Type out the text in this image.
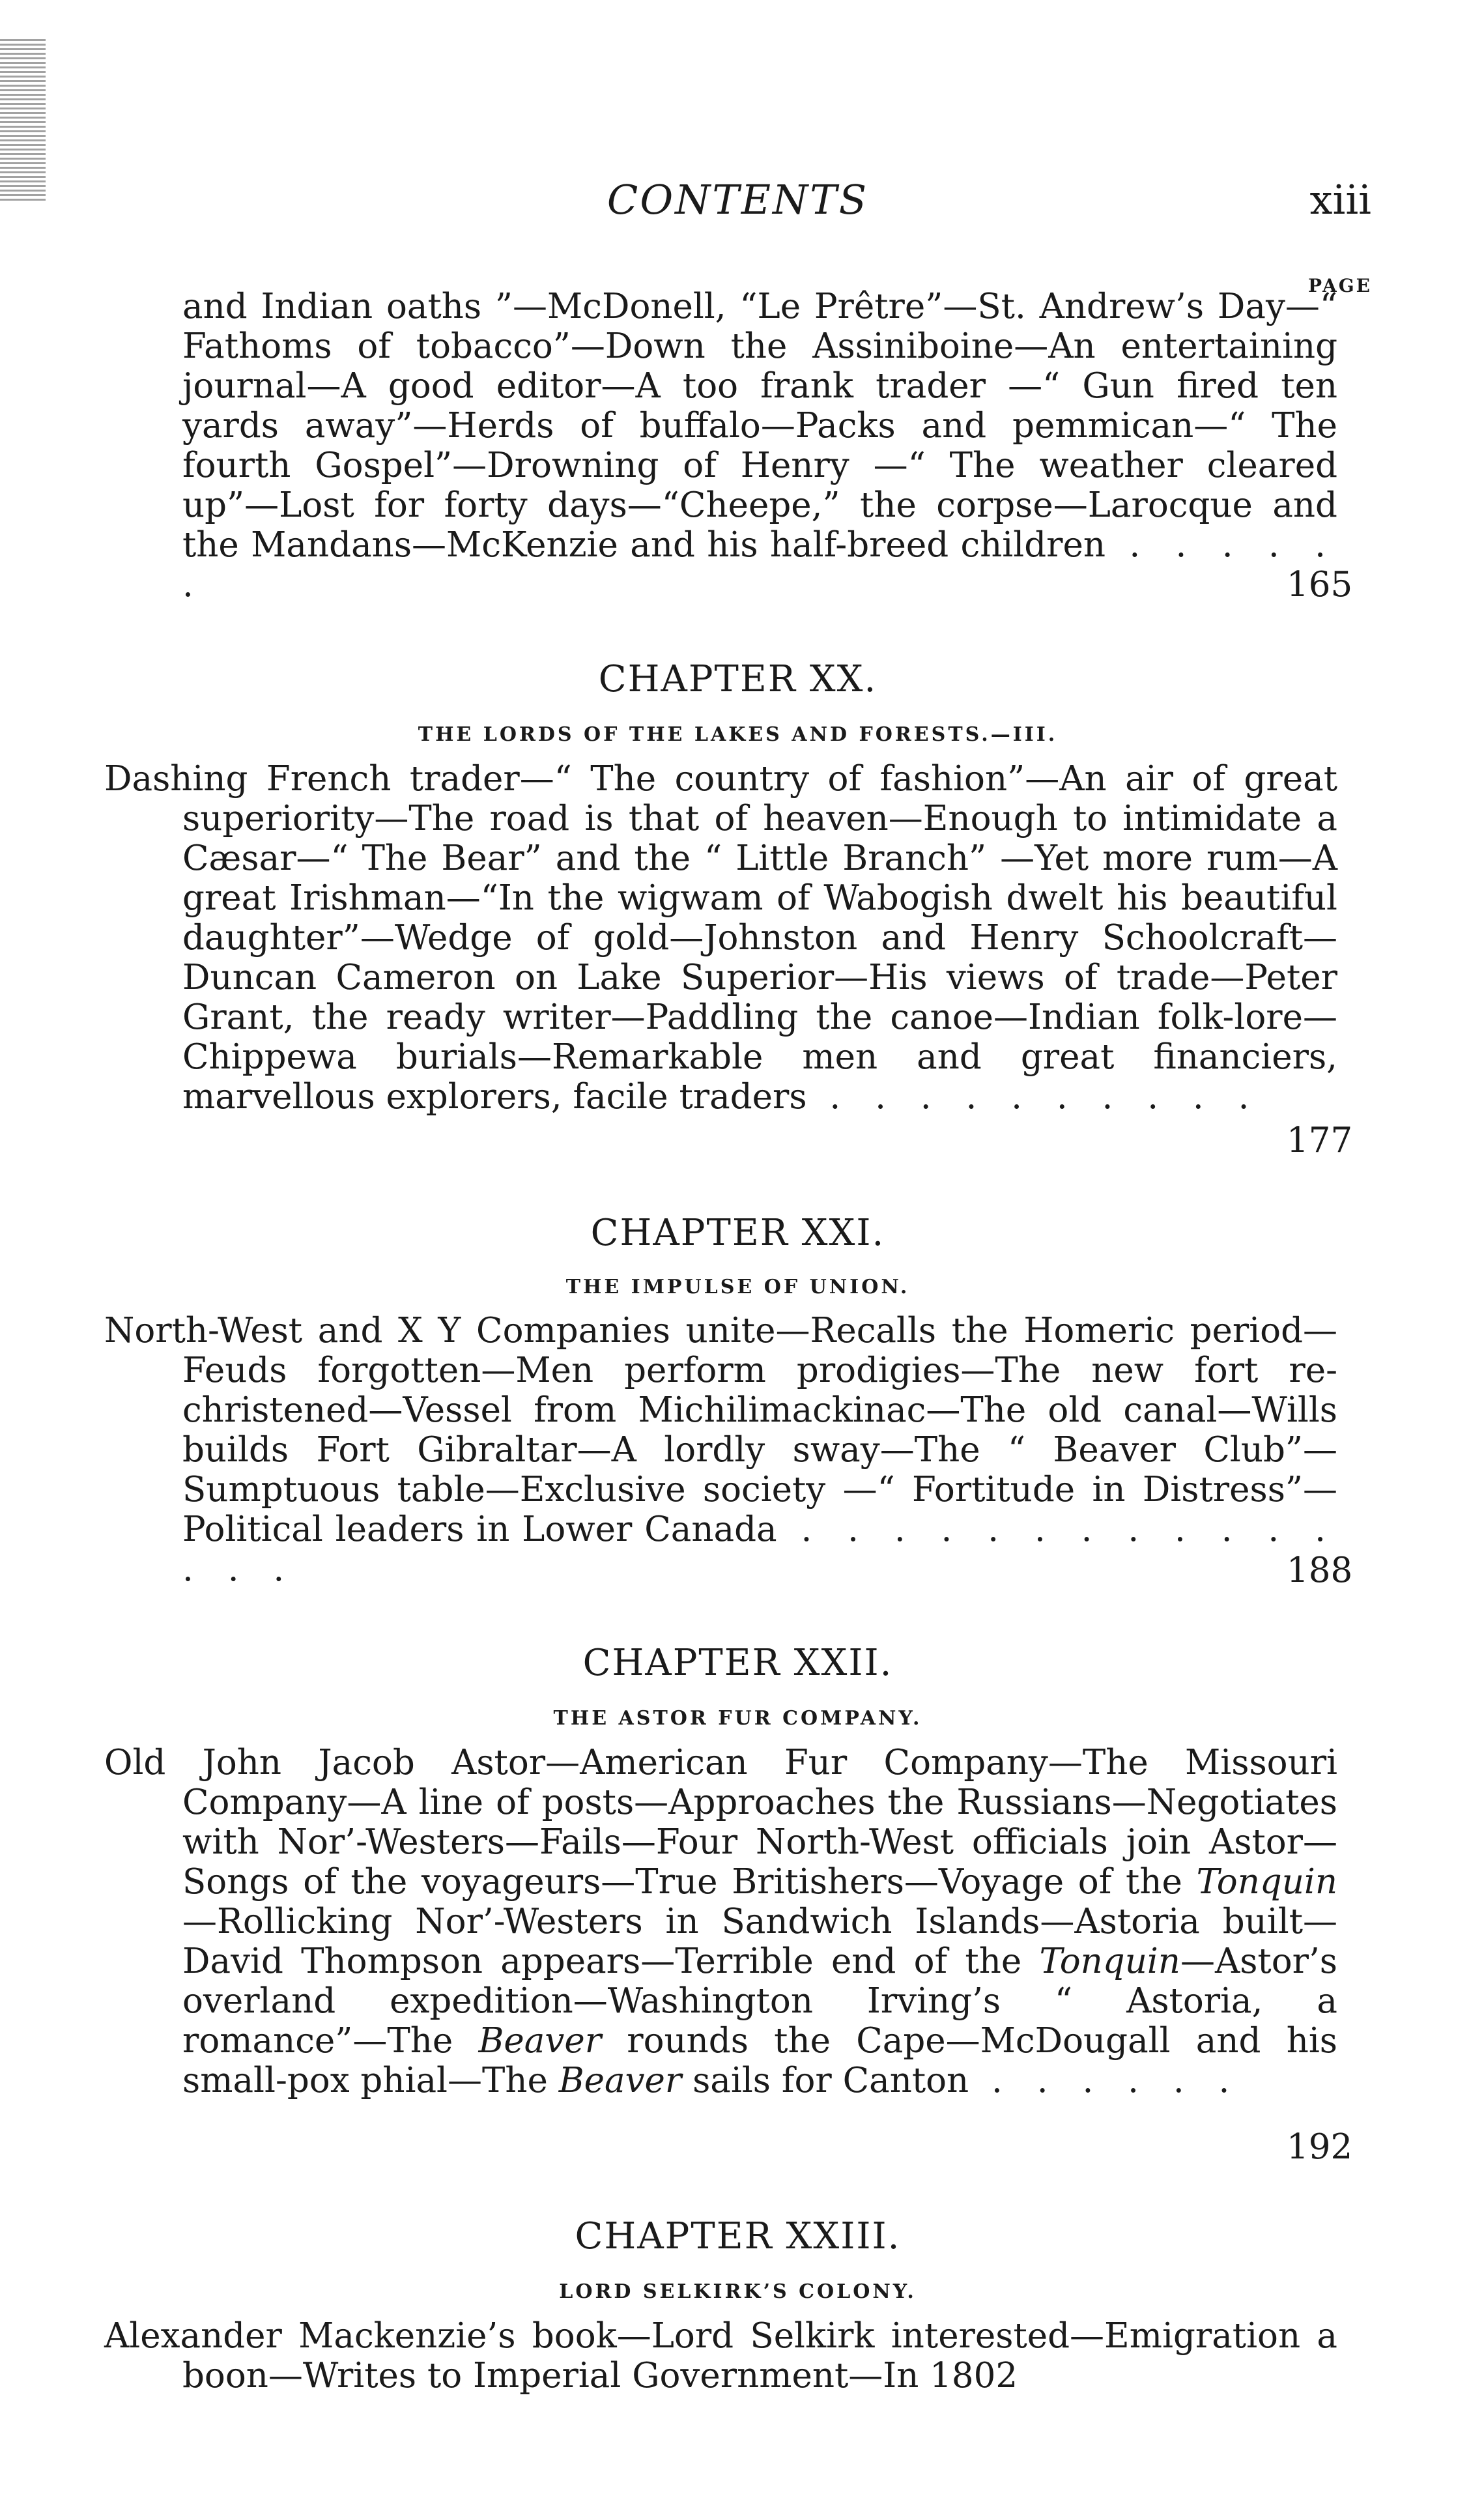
CONTENTS	xiii
PAGE
and Indian oaths ”—McDonell, “Le Prêtre”—St. Andrew’s Day—“ Fathoms of tobacco”—Down the Assiniboine—An entertaining journal—A good editor—A too frank trader —“ Gun fired ten yards away”—Herds of buffalo—Packs and pemmican—“ The fourth Gospel”—Drowning of Henry —“ The weather cleared up”—Lost for forty days—“Cheepe,” the corpse—Larocque and the Mandans—McKenzie and his half-breed children . . . . . .	165
CHAPTER XX.
THE LORDS OF THE LAKES AND FORESTS.—III.
Dashing French trader—“ The country of fashion”—An air of great superiority—The road is that of heaven—Enough to intimidate a Cæsar—“ The Bear” and the “ Little Branch” —Yet more rum—A great Irishman—“In the wigwam of Wabogish dwelt his beautiful daughter”—Wedge of gold—Johnston and Henry Schoolcraft—Duncan Cameron on Lake Superior—His views of trade—Peter Grant, the ready writer—Paddling the canoe—Indian folk-lore—Chippewa burials—Remarkable men and great financiers, marvellous explorers, facile traders . . . . . . . . . .
177
CHAPTER XXI.
THE IMPULSE OF UNION.
North-West and X Y Companies unite—Recalls the Homeric period—Feuds forgotten—Men perform prodigies—The new fort re-christened—Vessel from Michilimackinac—The old canal—Wills builds Fort Gibraltar—A lordly sway—The “ Beaver Club”—Sumptuous table—Exclusive society —“ Fortitude in Distress”—Political leaders in Lower Canada . . . . . . . . . . . . . . .	188
CHAPTER XXII.
THE ASTOR FUR COMPANY.
Old John Jacob Astor—American Fur Company—The Missouri Company—A line of posts—Approaches the Russians—Negotiates with Nor’-Westers—Fails—Four North-West officials join Astor—Songs of the voyageurs—True Britishers—Voyage of the Tonquin—Rollicking Nor’-Westers in Sandwich Islands—Astoria built—David Thompson appears—Terrible end of the Tonquin—Astor’s overland expedition—Washington Irving’s “ Astoria, a romance”—The Beaver rounds the Cape—McDougall and his small-pox phial—The Beaver sails for Canton . . . . . .
192
CHAPTER XXIII.
LORD SELKIRK’S COLONY.
Alexander Mackenzie’s book—Lord Selkirk interested—Emigration a boon—Writes to Imperial Government—In 1802
